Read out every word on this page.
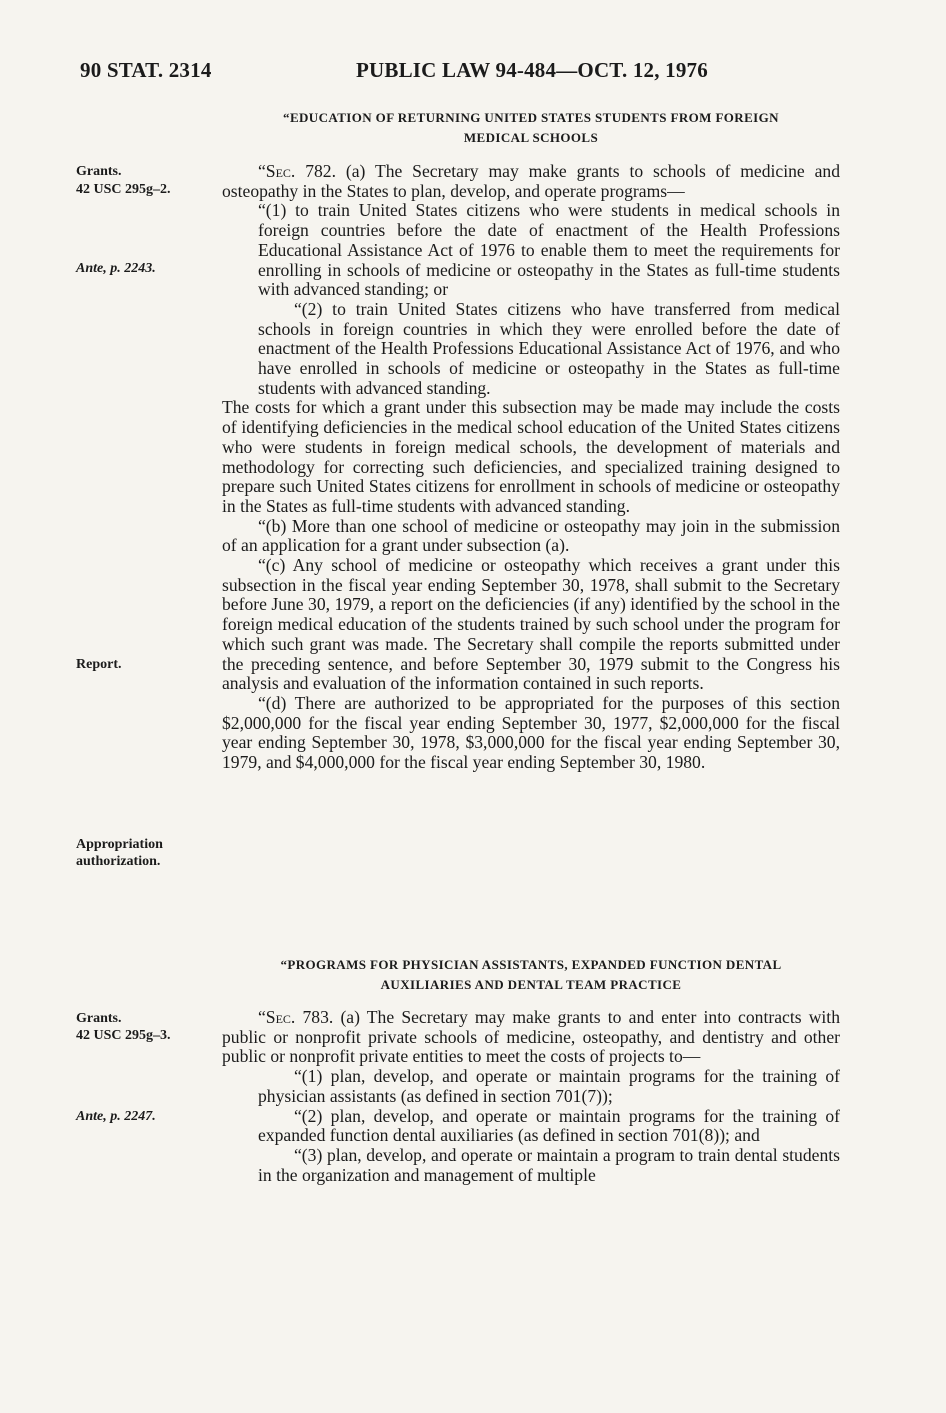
90 STAT. 2314	PUBLIC LAW 94-484—OCT. 12, 1976
“EDUCATION OF RETURNING UNITED STATES STUDENTS FROM FOREIGN
MEDICAL SCHOOLS
Grants.
42 USC 295g–2.
Ante, p. 2243.
Report.
Appropriation
authorization.

“Sec. 782. (a) The Secretary may make grants to schools of medicine and osteopathy in the States to plan, develop, and operate programs—

“(1) to train United States citizens who were students in medical schools in foreign countries before the date of enactment of the Health Professions Educational Assistance Act of 1976 to enable them to meet the requirements for enrolling in schools of medicine or osteopathy in the States as full-time students with advanced standing; or

“(2) to train United States citizens who have transferred from medical schools in foreign countries in which they were enrolled before the date of enactment of the Health Professions Educational Assistance Act of 1976, and who have enrolled in schools of medicine or osteopathy in the States as full-time students with advanced standing.

The costs for which a grant under this subsection may be made may include the costs of identifying deficiencies in the medical school education of the United States citizens who were students in foreign medical schools, the development of materials and methodology for correcting such deficiencies, and specialized training designed to prepare such United States citizens for enrollment in schools of medicine or osteopathy in the States as full-time students with advanced standing.

“(b) More than one school of medicine or osteopathy may join in the submission of an application for a grant under subsection (a).

“(c) Any school of medicine or osteopathy which receives a grant under this subsection in the fiscal year ending September 30, 1978, shall submit to the Secretary before June 30, 1979, a report on the deficiencies (if any) identified by the school in the foreign medical education of the students trained by such school under the program for which such grant was made. The Secretary shall compile the reports submitted under the preceding sentence, and before September 30, 1979 submit to the Congress his analysis and evaluation of the information contained in such reports.

“(d) There are authorized to be appropriated for the purposes of this section $2,000,000 for the fiscal year ending September 30, 1977, $2,000,000 for the fiscal year ending September 30, 1978, $3,000,000 for the fiscal year ending September 30, 1979, and $4,000,000 for the fiscal year ending September 30, 1980.

“PROGRAMS FOR PHYSICIAN ASSISTANTS, EXPANDED FUNCTION DENTAL
AUXILIARIES AND DENTAL TEAM PRACTICE
Grants.
42 USC 295g–3.
Ante, p. 2247.

“Sec. 783. (a) The Secretary may make grants to and enter into contracts with public or nonprofit private schools of medicine, osteopathy, and dentistry and other public or nonprofit private entities to meet the costs of projects to—

“(1) plan, develop, and operate or maintain programs for the training of physician assistants (as defined in section 701(7));

“(2) plan, develop, and operate or maintain programs for the training of expanded function dental auxiliaries (as defined in section 701(8)); and

“(3) plan, develop, and operate or maintain a program to train dental students in the organization and management of multiple
